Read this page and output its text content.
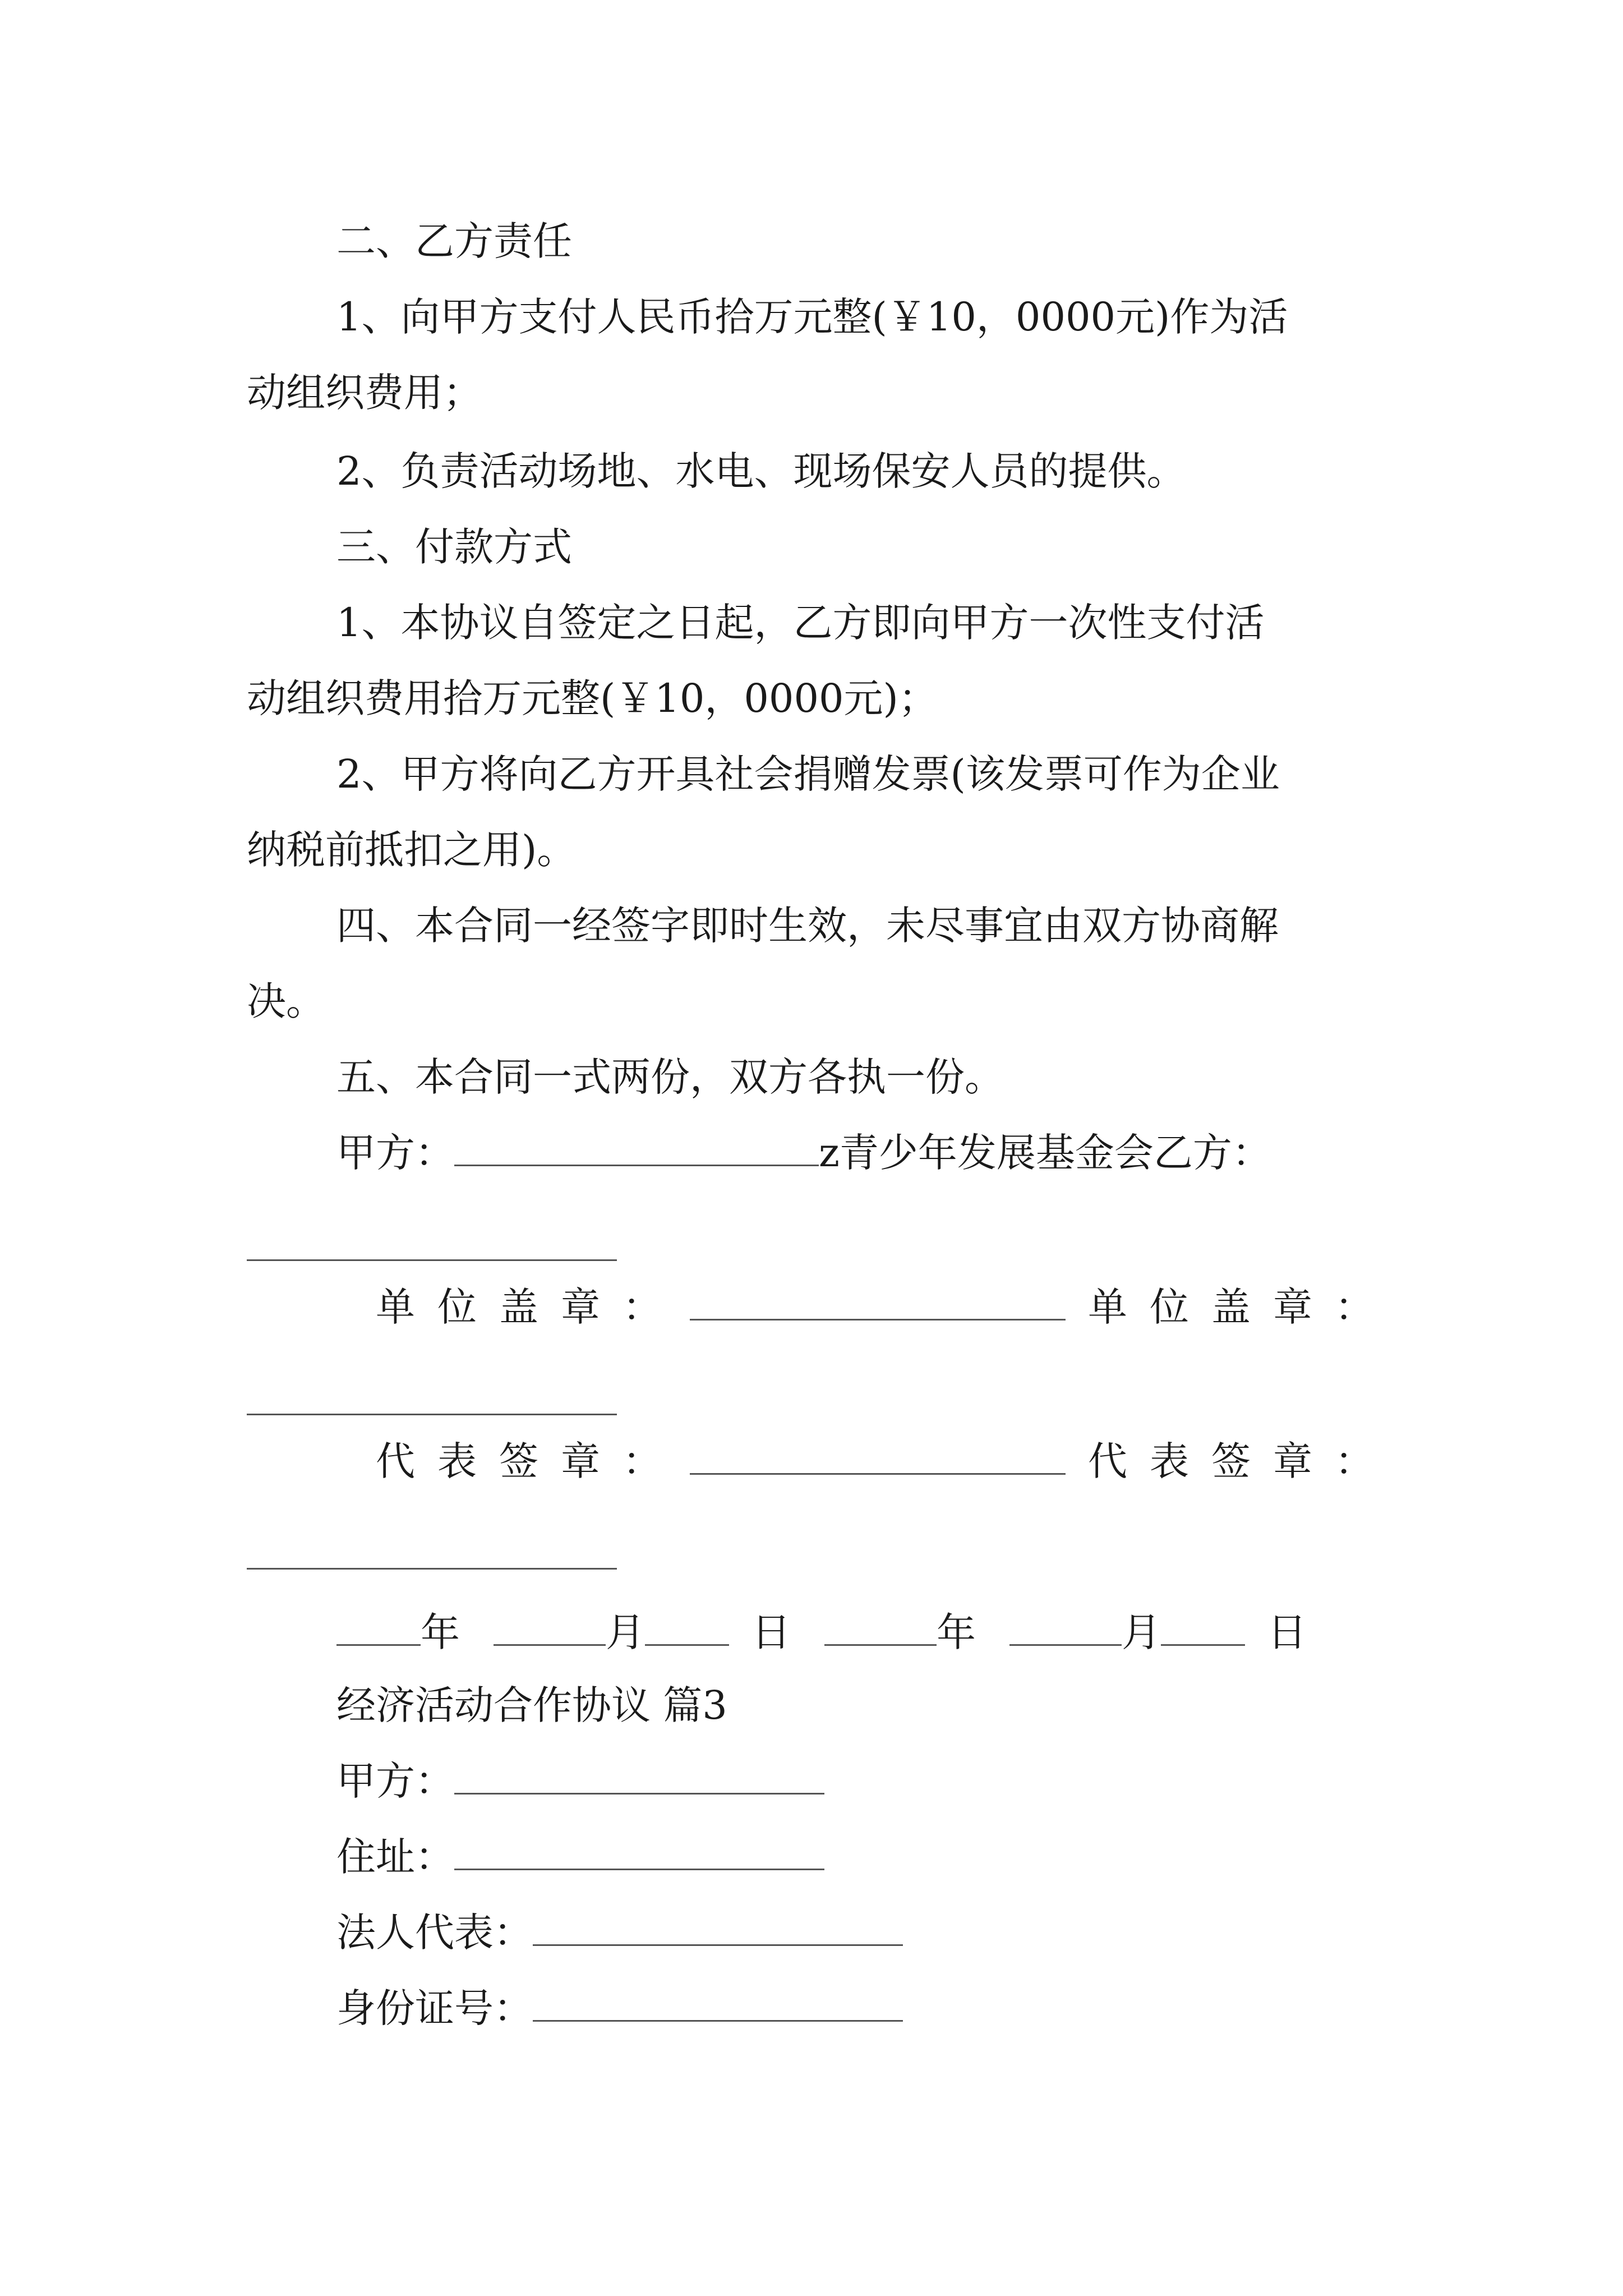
二、乙方责任
1、向甲方支付人民币拾万元整(￥10，0000元)作为活
动组织费用；
2、负责活动场地、水电、现场保安人员的提供。
三、付款方式
1、本协议自签定之日起，乙方即向甲方一次性支付活
动组织费用拾万元整(￥10，0000元)；
2、甲方将向乙方开具社会捐赠发票(该发票可作为企业
纳税前抵扣之用)。
四、本合同一经签字即时生效，未尽事宜由双方协商解
决。
五、本合同一式两份，双方各执一份。
甲方：	z青少年发展基金会乙方：
单位盖章：	单位盖章：
代表签章：	代表签章：
年	月	日	年	月	日
经济活动合作协议 篇3
甲方：
住址：
法人代表：
身份证号：
